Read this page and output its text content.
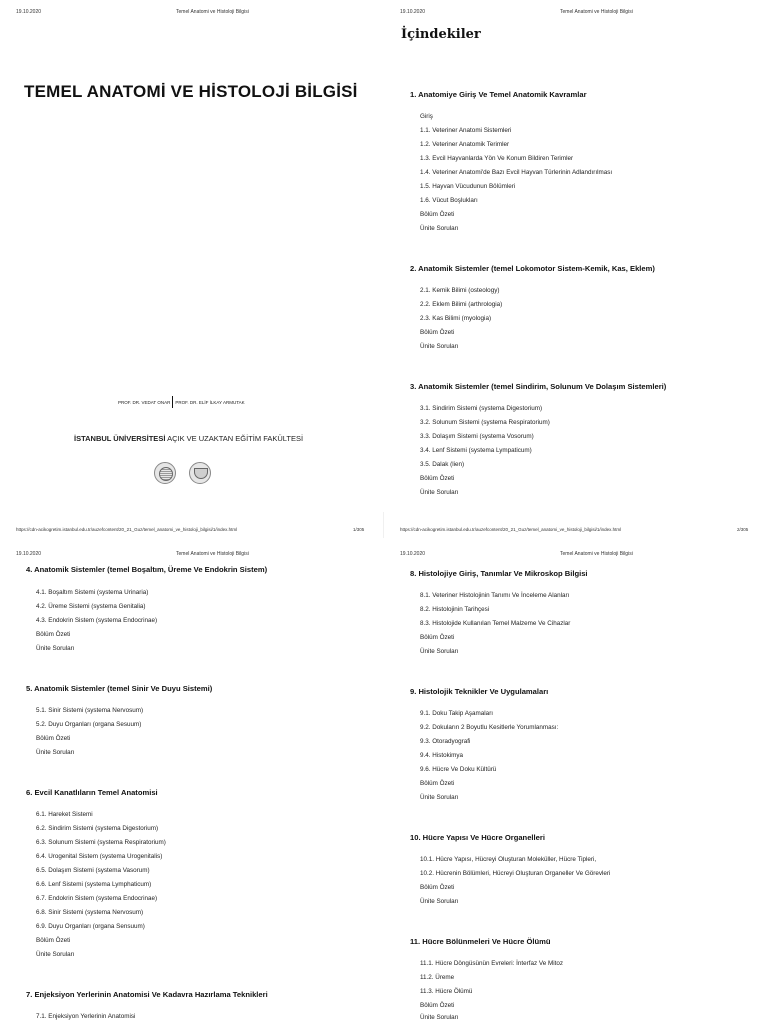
19.10.2020	Temel Anatomi ve Histoloji Bilgisi
TEMEL ANATOMİ VE HİSTOLOJİ BİLGİSİ
PROF. DR. VEDAT ONAR PROF. DR. ELİF İLKAY ARMUTAK
İSTANBUL ÜNİVERSİTESİ AÇIK VE UZAKTAN EĞİTİM FAKÜLTESİ
19.10.2020	Temel Anatomi ve Histoloji Bilgisi
İçindekiler
1. Anatomiye Giriş Ve Temel Anatomik Kavramlar
Giriş
1.1. Veteriner Anatomi Sistemleri
1.2. Veteriner Anatomik Terimler
1.3. Evcil Hayvanlarda Yön Ve Konum Bildiren Terimler
1.4. Veteriner Anatomi'de Bazı Evcil Hayvan Türlerinin Adlandırılması
1.5. Hayvan Vücudunun Bölümleri
1.6. Vücut Boşlukları
Bölüm Özeti
Ünite Soruları
2. Anatomik Sistemler (temel Lokomotor Sistem-Kemik, Kas, Eklem)
2.1. Kemik Bilimi (osteology)
2.2. Eklem Bilimi (arthrologia)
2.3. Kas Bilimi (myologia)
Bölüm Özeti
Ünite Soruları
3. Anatomik Sistemler (temel Sindirim, Solunum Ve Dolaşım Sistemleri)
3.1. Sindirim Sistemi (systema Digestorium)
3.2. Solunum Sistemi (systema Respiratorium)
3.3. Dolaşım Sistemi (systema Vosorum)
3.4. Lenf Sistemi (systema Lympaticum)
3.5. Dalak (lien)
Bölüm Özeti
Ünite Soruları
https://cdn-acikogretim.istanbul.edu.tr/auzefcontent/20_21_Guz/temel_anatomi_ve_histoloji_bilgisi/1/index.html	1/305	https://cdn-acikogretim.istanbul.edu.tr/auzefcontent/20_21_Guz/temel_anatomi_ve_histoloji_bilgisi/1/index.html	2/305
19.10.2020	Temel Anatomi ve Histoloji Bilgisi
4. Anatomik Sistemler (temel Boşaltım, Üreme Ve Endokrin Sistem)
4.1. Boşaltım Sistemi (systema Urinaria)
4.2. Üreme Sistemi (systema Genitalia)
4.3. Endokrin Sistem (systema Endocrinae)
Bölüm Özeti
Ünite Soruları
5. Anatomik Sistemler (temel Sinir Ve Duyu Sistemi)
5.1. Sinir Sistemi (systema Nervosum)
5.2. Duyu Organları (organa Sesuum)
Bölüm Özeti
Ünite Soruları
6. Evcil Kanatlıların Temel Anatomisi
6.1. Hareket Sistemi
6.2. Sindirim Sistemi (systema Digestorium)
6.3. Solunum Sistemi (systema Respiratorium)
6.4. Urogenital Sistem (systema Urogenitalis)
6.5. Dolaşım Sistemi (systema Vasorum)
6.6. Lenf Sistemi (systema Lymphaticum)
6.7. Endokrin Sistem (systema Endocrinae)
6.8. Sinir Sistemi (systema Nervosum)
6.9. Duyu Organları (organa Sensuum)
Bölüm Özeti
Ünite Soruları
7. Enjeksiyon Yerlerinin Anatomisi Ve Kadavra Hazırlama Teknikleri
7.1. Enjeksiyon Yerlerinin Anatomisi
19.10.2020	Temel Anatomi ve Histoloji Bilgisi
8. Histolojiye Giriş, Tanımlar Ve Mikroskop Bilgisi
8.1. Veteriner Histolojinin Tanımı Ve İnceleme Alanları
8.2. Histolojinin Tarihçesi
8.3. Histolojide Kullanılan Temel Malzeme Ve Cihazlar
Bölüm Özeti
Ünite Soruları
9. Histolojik Teknikler Ve Uygulamaları
9.1. Doku Takip Aşamaları
9.2. Dokuların 2 Boyutlu Kesitlerle Yorumlanması:
9.3. Otoradyografi
9.4. Histokimya
9.6. Hücre Ve Doku Kültürü
Bölüm Özeti
Ünite Soruları
10. Hücre Yapısı Ve Hücre Organelleri
10.1. Hücre Yapısı, Hücreyi Oluşturan Moleküller, Hücre Tipleri,
10.2. Hücrenin Bölümleri, Hücreyi Oluşturan Organeller Ve Görevleri
Bölüm Özeti
Ünite Soruları
11. Hücre Bölünmeleri Ve Hücre Ölümü
11.1. Hücre Döngüsünün Evreleri: İnterfaz Ve Mitoz
11.2. Üreme
11.3. Hücre Ölümü
Bölüm Özeti
Ünite Soruları
